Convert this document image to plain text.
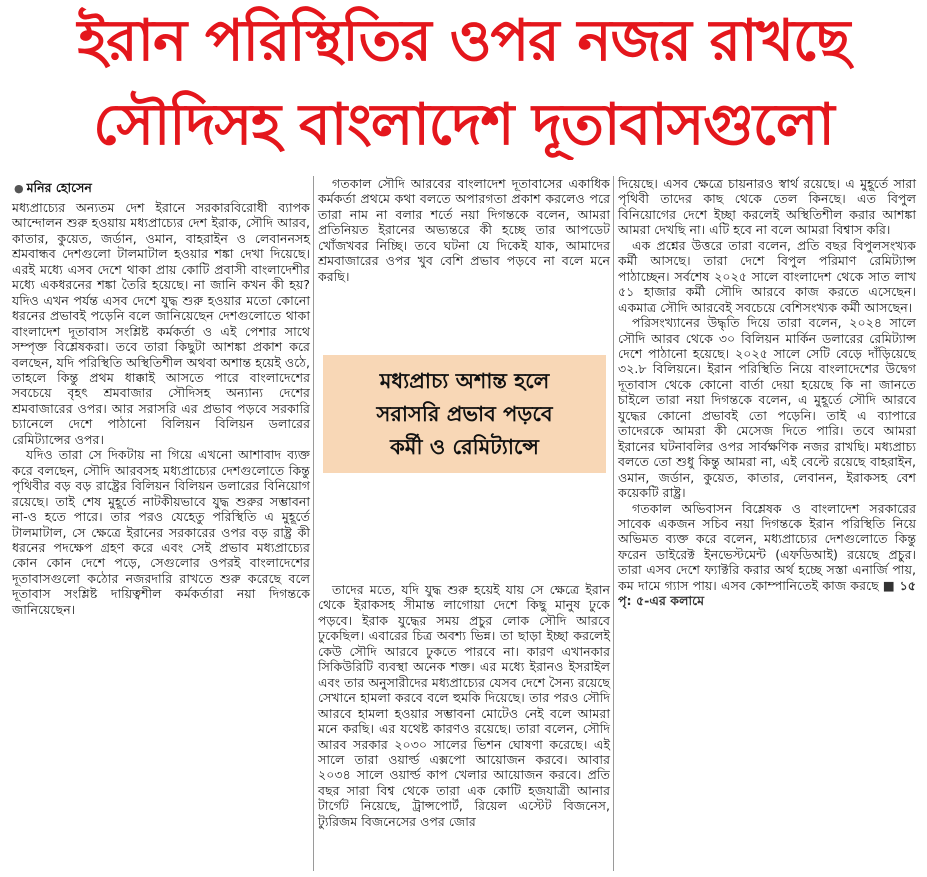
ইরান পরিস্থিতির ওপর নজর রাখছে
সৌদিসহ বাংলাদেশ দূতাবাসগুলো
● মনির হোসেন

মধ্যপ্রাচ্যের অন্যতম দেশ ইরানে সরকারবিরোধী ব্যাপক আন্দোলন শুরু হওয়ায় মধ্যপ্রাচ্যের দেশ ইরাক, সৌদি আরব, কাতার, কুয়েত, জর্ডান, ওমান, বাহরাইন ও লেবাননসহ শ্রমবান্ধব দেশগুলো টালমাটাল হওয়ার শঙ্কা দেখা দিয়েছে। এরই মধ্যে এসব দেশে থাকা প্রায় কোটি প্রবাসী বাংলাদেশীর মধ্যে একধরনের শঙ্কা তৈরি হয়েছে। না জানি কখন কী হয়? যদিও এখন পর্যন্ত এসব দেশে যুদ্ধ শুরু হওয়ার মতো কোনো ধরনের প্রভাবই পড়েনি বলে জানিয়েছেন দেশগুলোতে থাকা বাংলাদেশ দূতাবাস সংশ্লিষ্ট কর্মকর্তা ও এই পেশার সাথে সম্পৃক্ত বিশ্লেষকরা। তবে তারা কিছুটা আশঙ্কা প্রকাশ করে বলছেন, যদি পরিস্থিতি অস্থিতিশীল অথবা অশান্ত হয়েই ওঠে, তাহলে কিন্তু প্রথম ধাক্কাই আসতে পারে বাংলাদেশের সবচেয়ে বৃহৎ শ্রমবাজার সৌদিসহ অন্যান্য দেশের শ্রমবাজারের ওপর। আর সরাসরি এর প্রভাব পড়বে সরকারি চ্যানেলে দেশে পাঠানো বিলিয়ন বিলিয়ন ডলারের রেমিট্যান্সের ওপর।

যদিও তারা সে দিকটায় না গিয়ে এখনো আশাবাদ ব্যক্ত করে বলছেন, সৌদি আরবসহ মধ্যপ্রাচ্যের দেশগুলোতে কিন্তু পৃথিবীর বড় বড় রাষ্ট্রের বিলিয়ন বিলিয়ন ডলারের বিনিয়োগ রয়েছে। তাই শেষ মুহূর্তে নাটকীয়ভাবে যুদ্ধ শুরুর সম্ভাবনা না-ও হতে পারে। তার পরও যেহেতু পরিস্থিতি এ মুহূর্তে টালমাটাল, সে ক্ষেত্রে ইরানের সরকারের ওপর বড় রাষ্ট্র কী ধরনের পদক্ষেপ গ্রহণ করে এবং সেই প্রভাব মধ্যপ্রাচ্যের কোন কোন দেশে পড়ে, সেগুলোর ওপরই বাংলাদেশের দূতাবাসগুলো কঠোর নজরদারি রাখতে শুরু করেছে বলে দূতাবাস সংশ্লিষ্ট দায়িত্বশীল কর্মকর্তারা নয়া দিগন্তকে জানিয়েছেন।

গতকাল সৌদি আরবের বাংলাদেশ দূতাবাসের একাধিক কর্মকর্তা প্রথমে কথা বলতে অপারগতা প্রকাশ করলেও পরে তারা নাম না বলার শর্তে নয়া দিগন্তকে বলেন, আমরা প্রতিনিয়ত ইরানের অভ্যন্তরে কী হচ্ছে তার আপডেট খোঁজখবর নিচ্ছি। তবে ঘটনা যে দিকেই যাক, আমাদের শ্রমবাজারের ওপর খুব বেশি প্রভাব পড়বে না বলে মনে করছি।

মধ্যপ্রাচ্য অশান্ত হলে
সরাসরি প্রভাব পড়বে
কর্মী ও রেমিট্যান্সে

তাদের মতে, যদি যুদ্ধ শুরু হয়েই যায় সে ক্ষেত্রে ইরান থেকে ইরাকসহ সীমান্ত লাগোয়া দেশে কিছু মানুষ ঢুকে পড়বে। ইরাক যুদ্ধের সময় প্রচুর লোক সৌদি আরবে ঢুকেছিল। এবারের চিত্র অবশ্য ভিন্ন। তা ছাড়া ইচ্ছা করলেই কেউ সৌদি আরবে ঢুকতে পারবে না। কারণ এখানকার সিকিউরিটি ব্যবস্থা অনেক শক্ত। এর মধ্যে ইরানও ইসরাইল এবং তার অনুসারীদের মধ্যপ্রাচ্যের যেসব দেশে সৈন্য রয়েছে সেখানে হামলা করবে বলে হুমকি দিয়েছে। তার পরও সৌদি আরবে হামলা হওয়ার সম্ভাবনা মোটেও নেই বলে আমরা মনে করছি। এর যথেষ্ট কারণও রয়েছে। তারা বলেন, সৌদি আরব সরকার ২০৩০ সালের ভিশন ঘোষণা করেছে। এই সালে তারা ওয়ার্ল্ড এক্সপো আয়োজন করবে। আবার ২০৩৪ সালে ওয়ার্ল্ড কাপ খেলার আয়োজন করবে। প্রতি বছর সারা বিশ্ব থেকে তারা এক কোটি হজযাত্রী আনার টার্গেট নিয়েছে, ট্রান্সপোর্ট, রিয়েল এস্টেট বিজনেস, ট্যুরিজম বিজনেসের ওপর জোর

দিয়েছে। এসব ক্ষেত্রে চায়নারও স্বার্থ রয়েছে। এ মুহূর্তে সারা পৃথিবী তাদের কাছ থেকে তেল কিনছে। এত বিপুল বিনিয়োগের দেশে ইচ্ছা করলেই অস্থিতিশীল করার আশঙ্কা আমরা দেখছি না। এটি হবে না বলে আমরা বিশ্বাস করি।

এক প্রশ্নের উত্তরে তারা বলেন, প্রতি বছর বিপুলসংখ্যক কর্মী আসছে। তারা দেশে বিপুল পরিমাণ রেমিট্যান্স পাঠাচ্ছেন। সর্বশেষ ২০২৫ সালে বাংলাদেশ থেকে সাত লাখ ৫১ হাজার কর্মী সৌদি আরবে কাজ করতে এসেছেন। একমাত্র সৌদি আরবেই সবচেয়ে বেশিসংখ্যক কর্মী আসছেন।

পরিসংখ্যানের উদ্ধৃতি দিয়ে তারা বলেন, ২০২৪ সালে সৌদি আরব থেকে ৩০ বিলিয়ন মার্কিন ডলারের রেমিট্যান্স দেশে পাঠানো হয়েছে। ২০২৫ সালে সেটি বেড়ে দাঁড়িয়েছে ৩২.৮ বিলিয়নে। ইরান পরিস্থিতি নিয়ে বাংলাদেশের উদ্বেগ দূতাবাস থেকে কোনো বার্তা দেয়া হয়েছে কি না জানতে চাইলে তারা নয়া দিগন্তকে বলেন, এ মুহূর্তে সৌদি আরবে যুদ্ধের কোনো প্রভাবই তো পড়েনি। তাই এ ব্যাপারে তাদেরকে আমরা কী মেসেজ দিতে পারি। তবে আমরা ইরানের ঘটনাবলির ওপর সার্বক্ষণিক নজর রাখছি। মধ্যপ্রাচ্য বলতে তো শুধু কিন্তু আমরা না, এই বেল্টে রয়েছে বাহরাইন, ওমান, জর্ডান, কুয়েত, কাতার, লেবানন, ইরাকসহ বেশ কয়েকটি রাষ্ট্র।

গতকাল অভিবাসন বিশ্লেষক ও বাংলাদেশ সরকারের সাবেক একজন সচিব নয়া দিগন্তকে ইরান পরিস্থিতি নিয়ে অভিমত ব্যক্ত করে বলেন, মধ্যপ্রাচ্যের দেশগুলোতে কিন্তু ফরেন ডাইরেক্ট ইনভেস্টমেন্ট (এফডিআই) রয়েছে প্রচুর। তারা এসব দেশে ফ্যাক্টরি করার অর্থ হচ্ছে সস্তা এনার্জি পায়, কম দামে গ্যাস পায়। এসব কোম্পানিতেই কাজ করছে ■ ১৫ পৃ: ৫-এর কলামে
